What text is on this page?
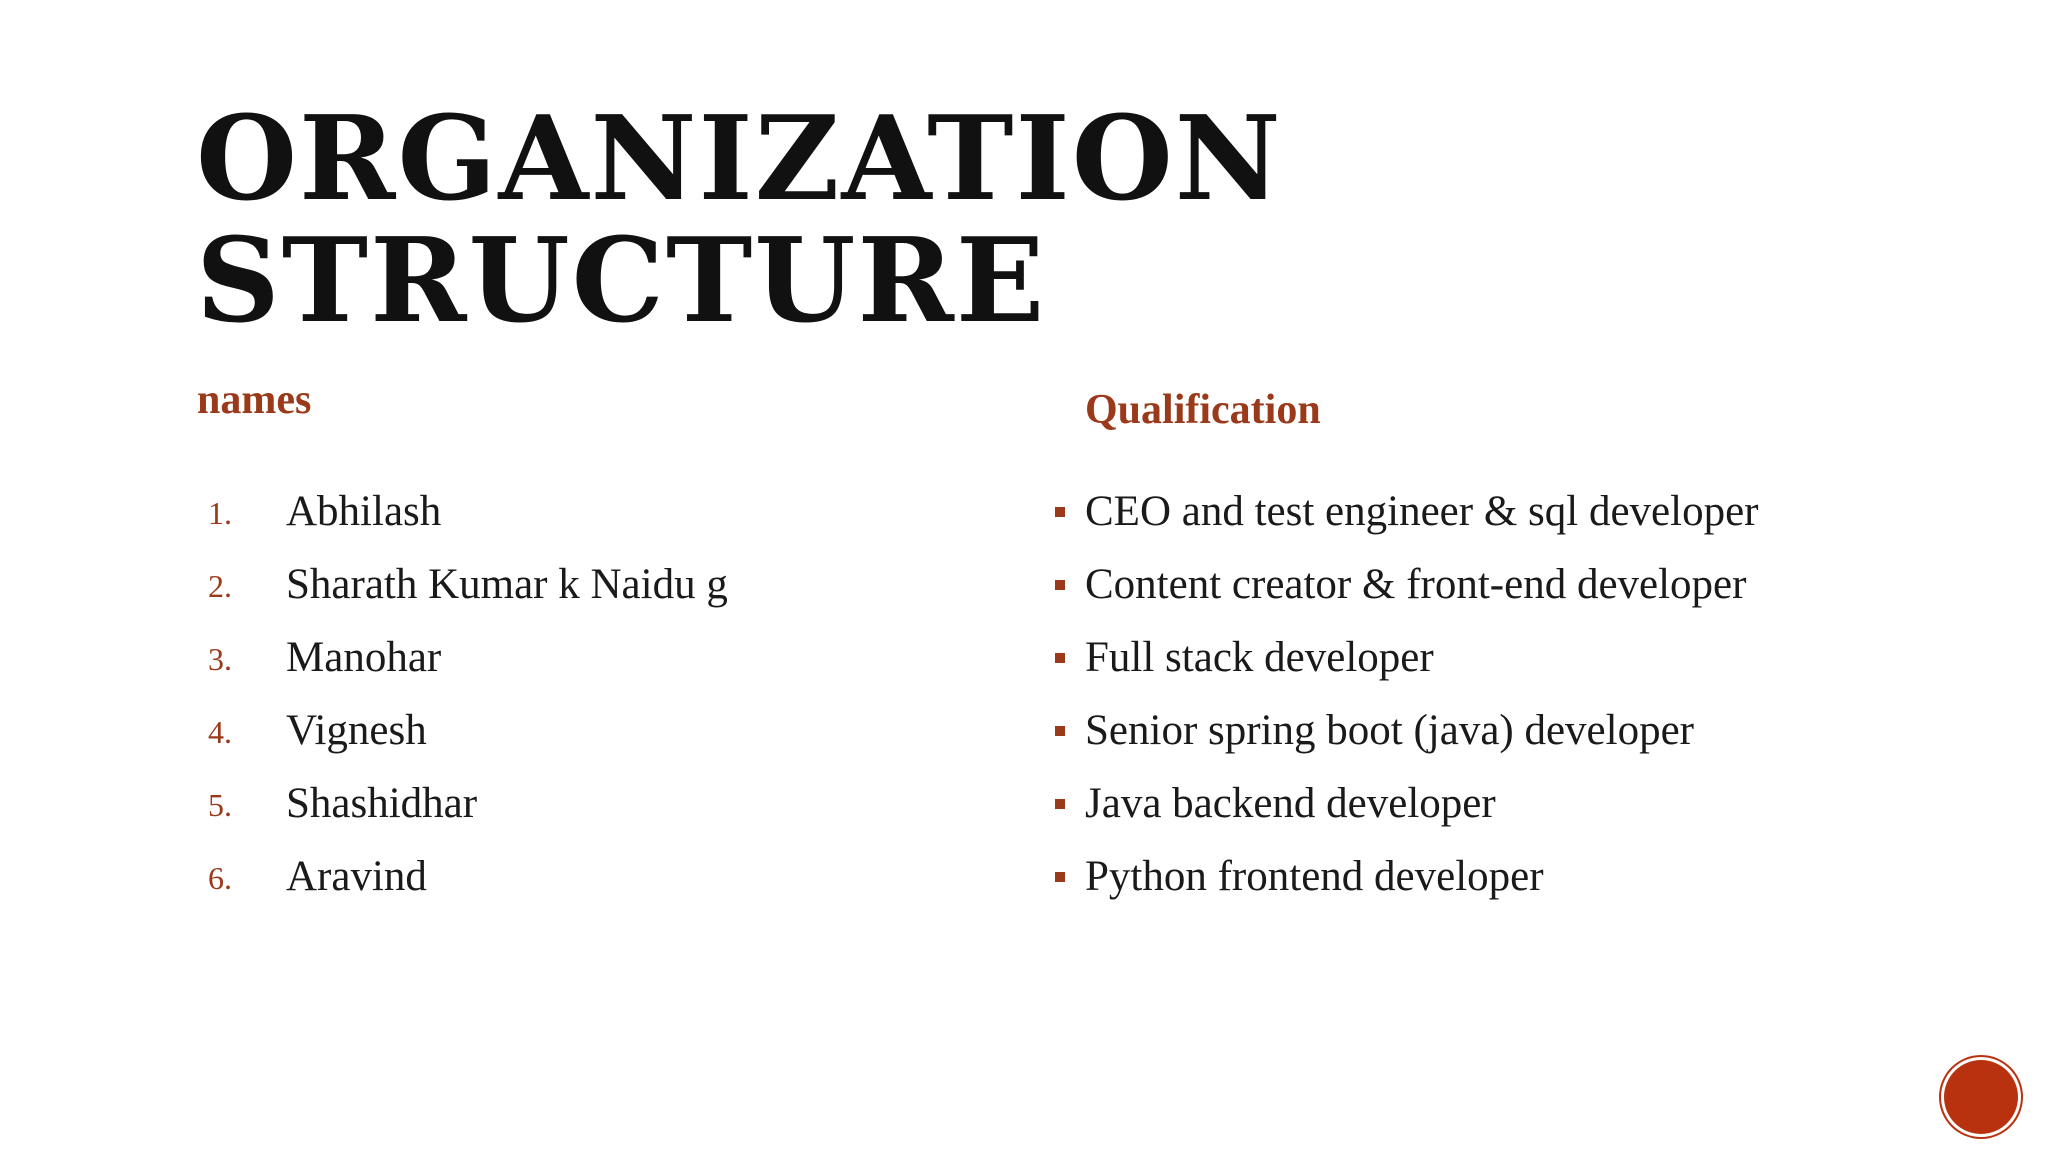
ORGANIZATION
STRUCTURE
names	Qualification
1. Abhilash
2. Sharath Kumar k Naidu g
3. Manohar
4. Vignesh
5. Shashidhar
6. Aravind
CEO and test engineer & sql developer
Content creator & front-end developer
Full stack developer
Senior spring boot (java) developer
Java backend developer
Python frontend developer
